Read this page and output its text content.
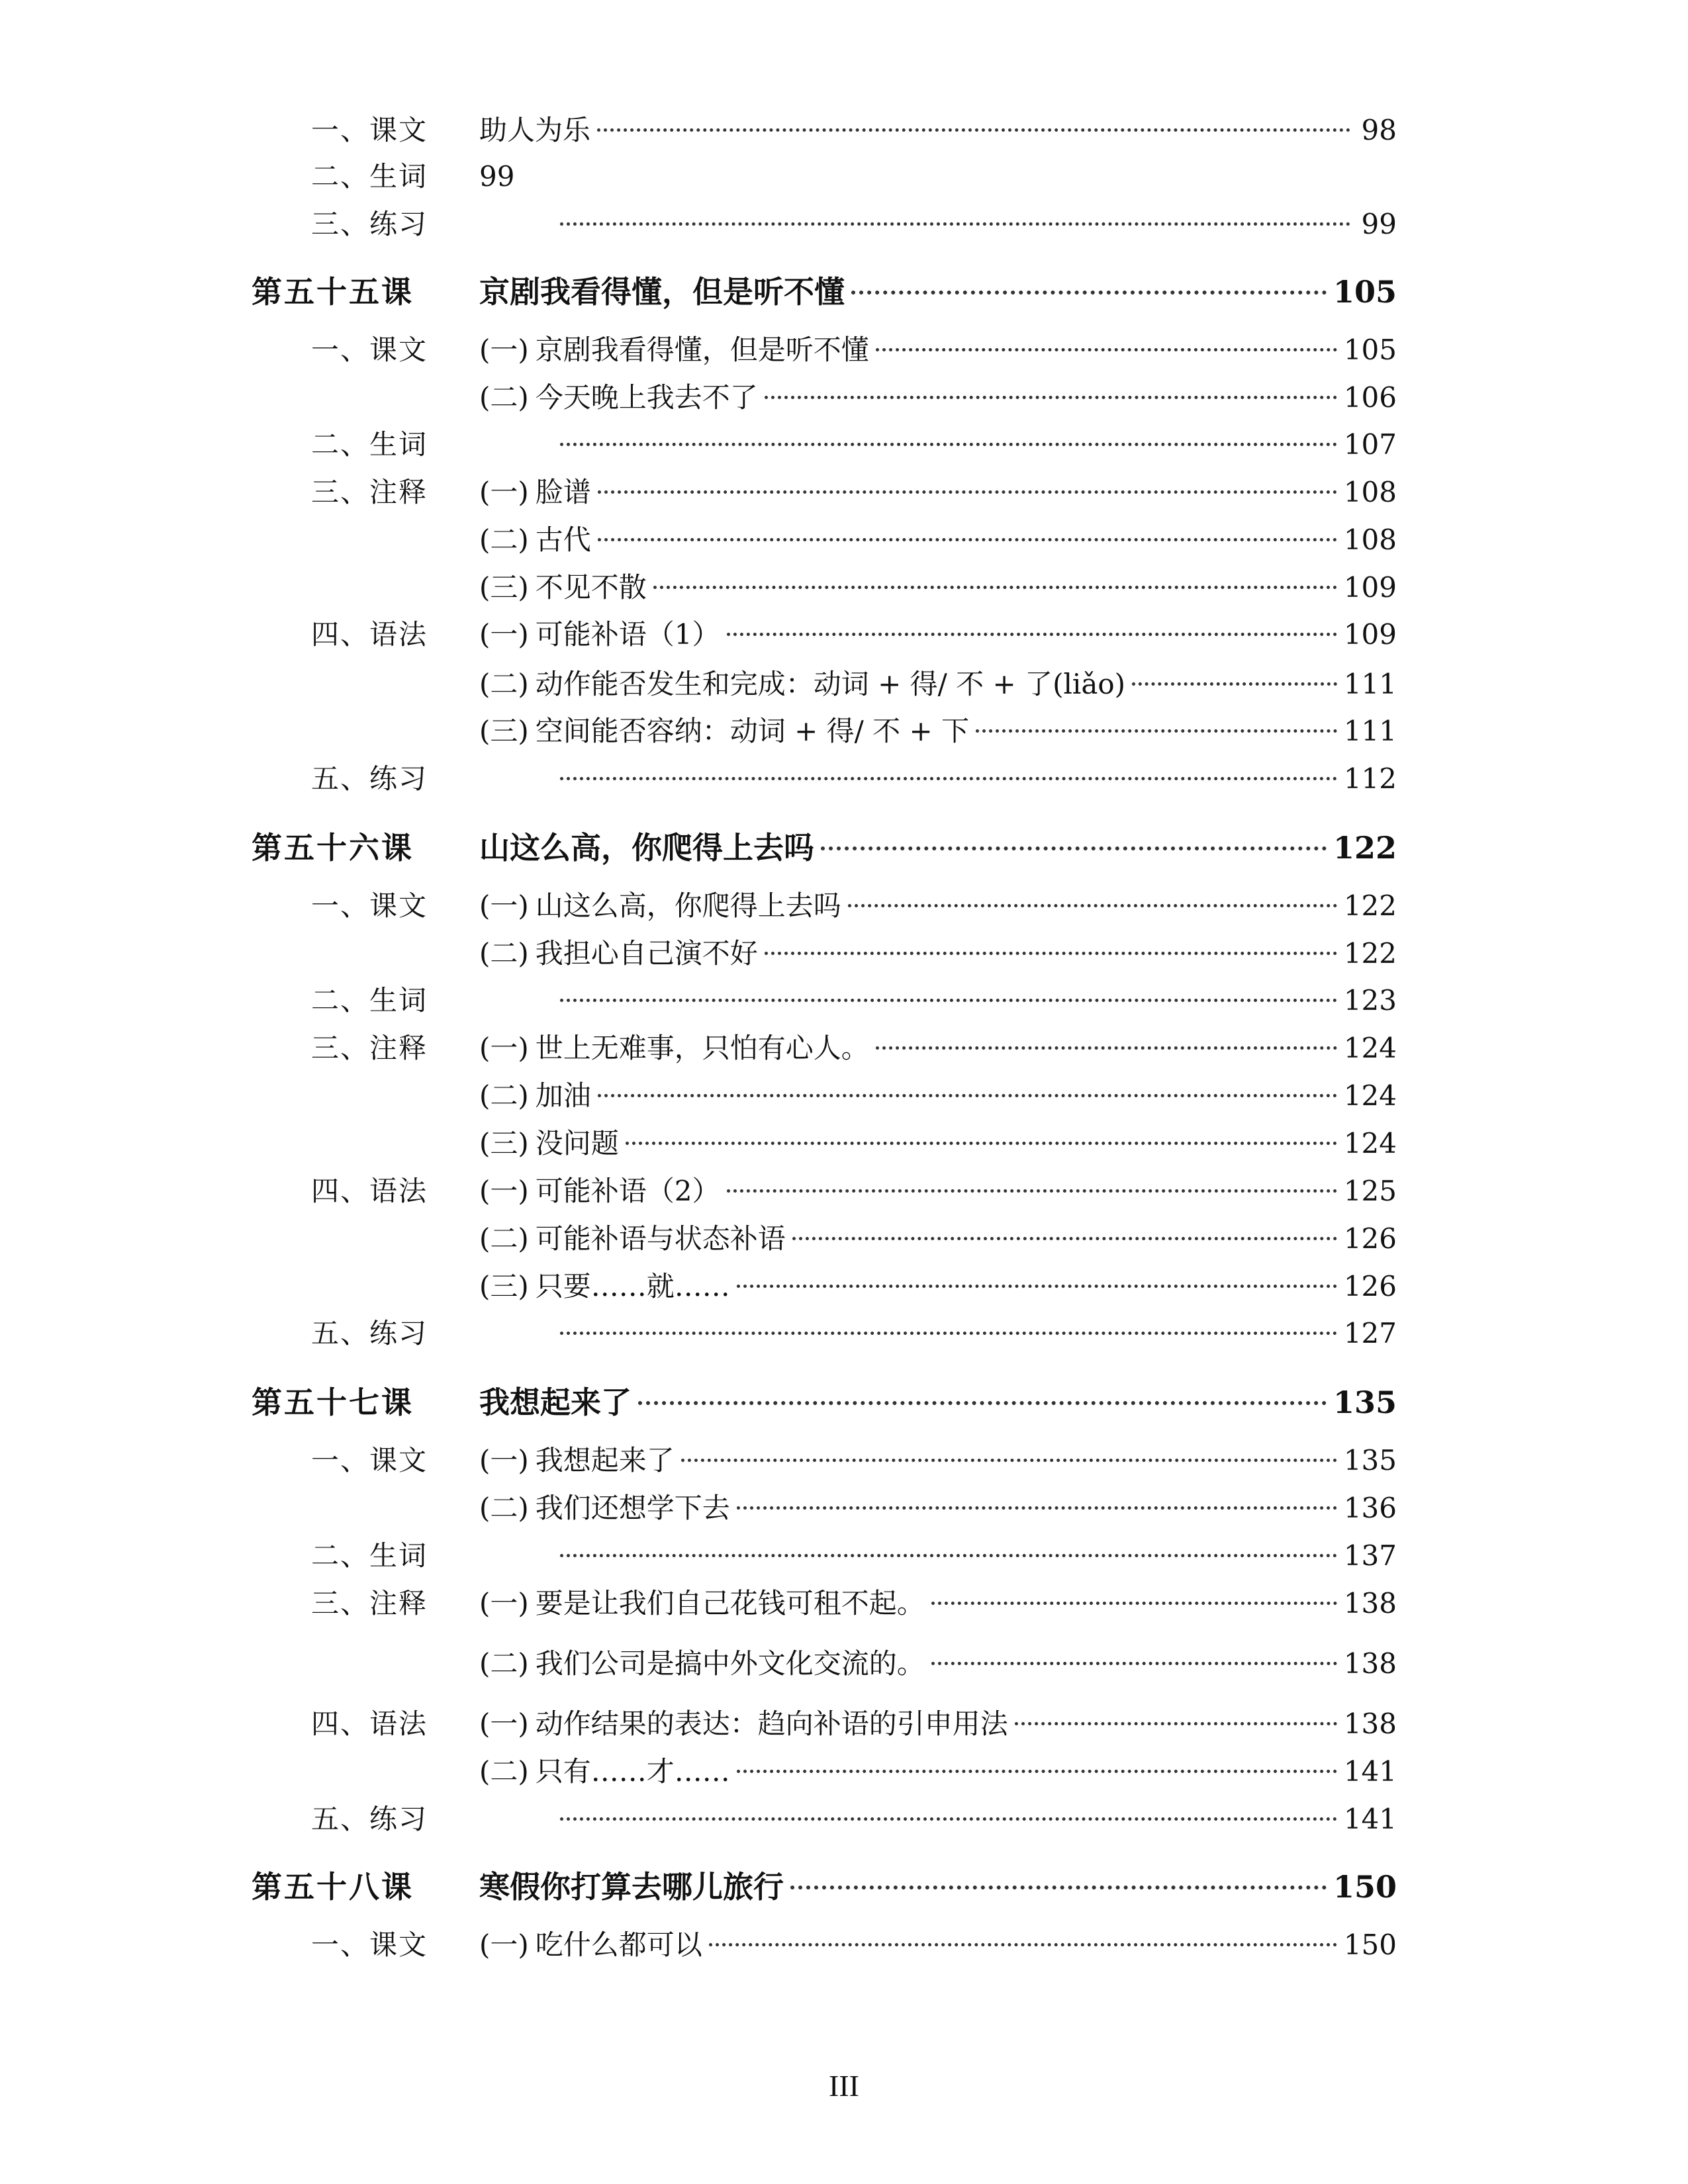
一、课文 助人为乐	98
二、生词 99
三、练习	99
第五十五课 京剧我看得懂，但是听不懂	105
一、课文 (一) 京剧我看得懂，但是听不懂	105
(二) 今天晚上我去不了	106
二、生词	107
三、注释 (一) 脸谱	108
(二) 古代	108
(三) 不见不散	109
四、语法 (一) 可能补语（1）	109
(二) 动作能否发生和完成：动词 + 得/ 不 + 了(liǎo)	111
(三) 空间能否容纳：动词 + 得/ 不 + 下	111
五、练习	112
第五十六课 山这么高，你爬得上去吗	122
一、课文 (一) 山这么高，你爬得上去吗	122
(二) 我担心自己演不好	122
二、生词	123
三、注释 (一) 世上无难事，只怕有心人。	124
(二) 加油	124
(三) 没问题	124
四、语法 (一) 可能补语（2）	125
(二) 可能补语与状态补语	126
(三) 只要……就……	126
五、练习	127
第五十七课 我想起来了	135
一、课文 (一) 我想起来了	135
(二) 我们还想学下去	136
二、生词	137
三、注释 (一) 要是让我们自己花钱可租不起。	138
(二) 我们公司是搞中外文化交流的。	138
四、语法 (一) 动作结果的表达：趋向补语的引申用法	138
(二) 只有……才……	141
五、练习	141
第五十八课 寒假你打算去哪儿旅行	150
一、课文 (一) 吃什么都可以	150
III
